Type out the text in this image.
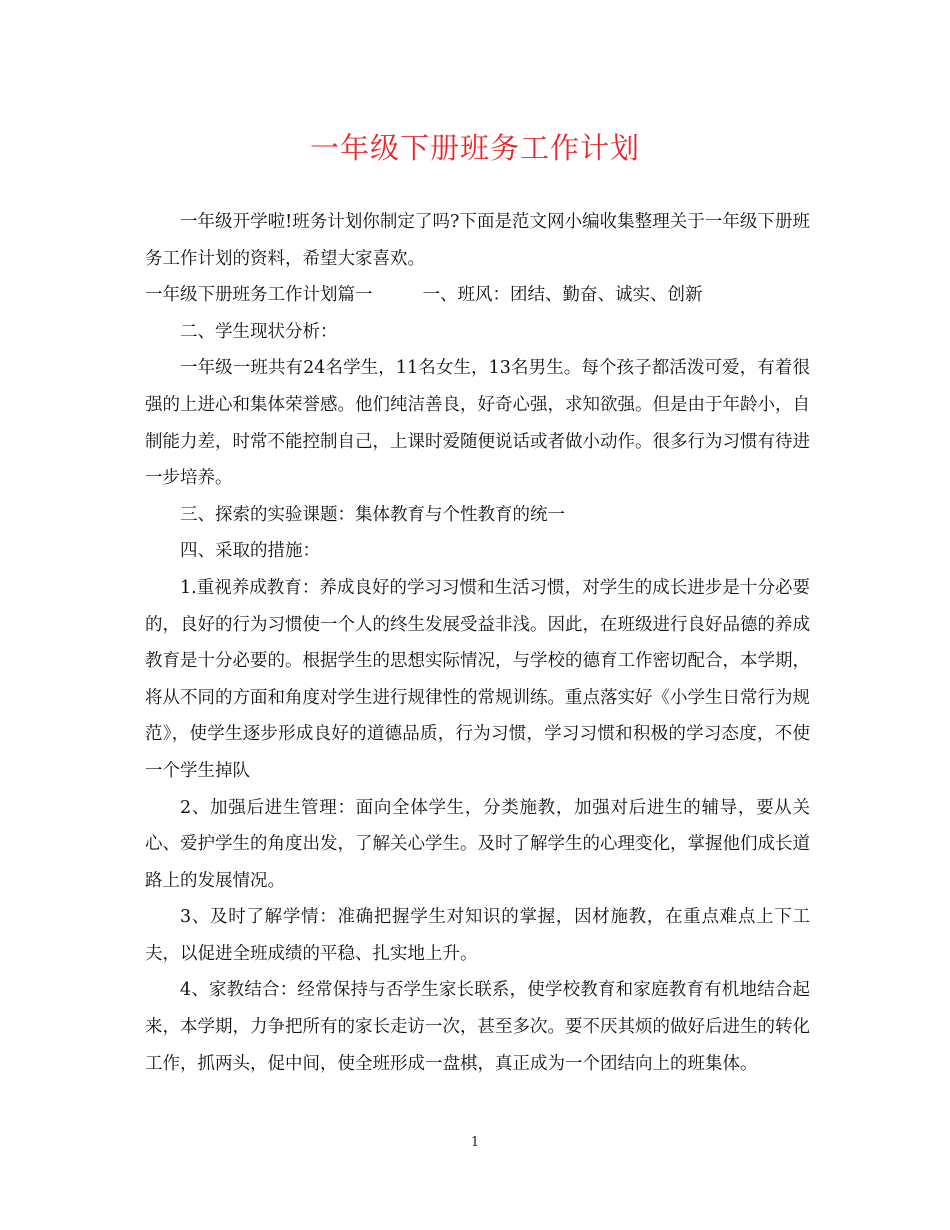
一年级下册班务工作计划

一年级开学啦!班务计划你制定了吗?下面是范文网小编收集整理关于一年级下册班务工作计划的资料，希望大家喜欢。

一年级下册班务工作计划篇一	一、班风：团结、勤奋、诚实、创新

二、学生现状分析：

一年级一班共有24名学生，11名女生，13名男生。每个孩子都活泼可爱，有着很强的上进心和集体荣誉感。他们纯洁善良，好奇心强，求知欲强。但是由于年龄小，自制能力差，时常不能控制自己，上课时爱随便说话或者做小动作。很多行为习惯有待进一步培养。

三、探索的实验课题：集体教育与个性教育的统一

四、采取的措施：

1.重视养成教育：养成良好的学习习惯和生活习惯，对学生的成长进步是十分必要的，良好的行为习惯使一个人的终生发展受益非浅。因此，在班级进行良好品德的养成教育是十分必要的。根据学生的思想实际情况，与学校的德育工作密切配合，本学期，将从不同的方面和角度对学生进行规律性的常规训练。重点落实好《小学生日常行为规范》，使学生逐步形成良好的道德品质，行为习惯，学习习惯和积极的学习态度，不使一个学生掉队

2、加强后进生管理：面向全体学生，分类施教，加强对后进生的辅导，要从关心、爱护学生的角度出发，了解关心学生。及时了解学生的心理变化，掌握他们成长道路上的发展情况。

3、及时了解学情：准确把握学生对知识的掌握，因材施教，在重点难点上下工夫，以促进全班成绩的平稳、扎实地上升。

4、家教结合：经常保持与否学生家长联系，使学校教育和家庭教育有机地结合起来，本学期，力争把所有的家长走访一次，甚至多次。要不厌其烦的做好后进生的转化工作，抓两头，促中间，使全班形成一盘棋，真正成为一个团结向上的班集体。

1
